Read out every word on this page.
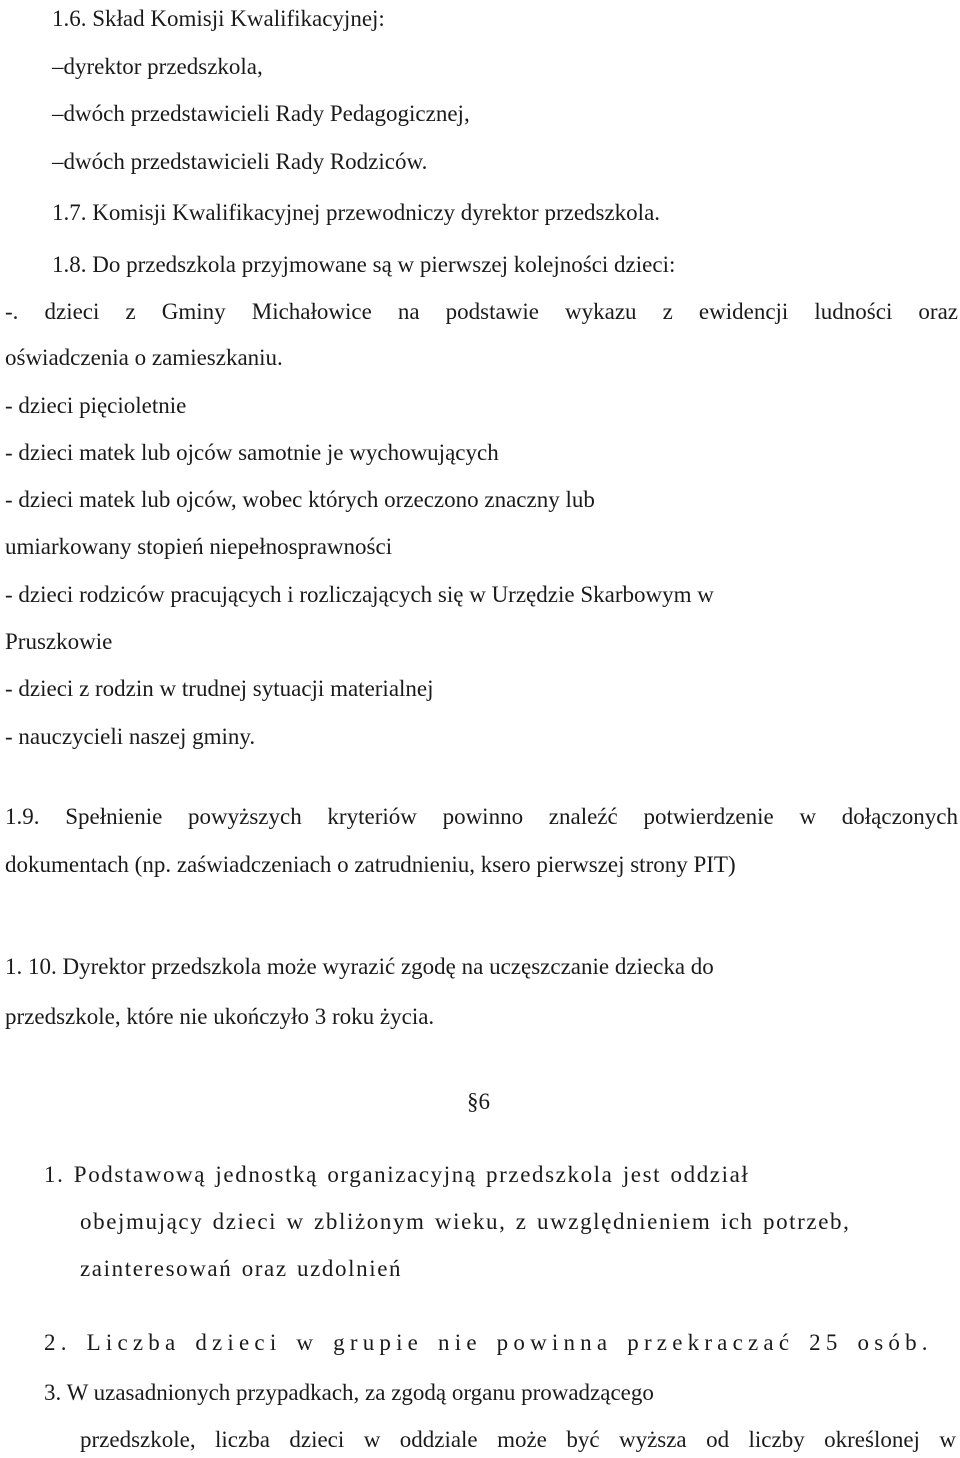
1.6. Skład Komisji Kwalifikacyjnej:
–dyrektor przedszkola,
–dwóch przedstawicieli Rady Pedagogicznej,
–dwóch przedstawicieli Rady Rodziców.
1.7. Komisji Kwalifikacyjnej przewodniczy dyrektor przedszkola.
1.8. Do przedszkola przyjmowane są w pierwszej kolejności dzieci:
-. dzieci z Gminy Michałowice na podstawie wykazu z ewidencji ludności oraz
oświadczenia o zamieszkaniu.
- dzieci pięcioletnie
- dzieci matek lub ojców samotnie je wychowujących
- dzieci matek lub ojców, wobec których orzeczono znaczny lub
umiarkowany stopień niepełnosprawności
- dzieci rodziców pracujących i rozliczających się w Urzędzie Skarbowym w
Pruszkowie
- dzieci z rodzin w trudnej sytuacji materialnej
- nauczycieli naszej gminy.
1.9. Spełnienie powyższych kryteriów powinno znaleźć potwierdzenie w dołączonych
dokumentach (np. zaświadczeniach o zatrudnieniu, ksero pierwszej strony PIT)
1. 10. Dyrektor przedszkola może wyrazić zgodę na uczęszczanie dziecka do
przedszkole, które nie ukończyło 3 roku życia.
§6
1. Podstawową jednostką organizacyjną przedszkola jest oddział
obejmujący dzieci w zbliżonym wieku, z uwzględnieniem ich potrzeb,
zainteresowań oraz uzdolnień
2. Liczba dzieci w grupie nie powinna przekraczać 25 osób.
3. W uzasadnionych przypadkach, za zgodą organu prowadzącego
przedszkole, liczba dzieci w oddziale może być wyższa od liczby określonej w
